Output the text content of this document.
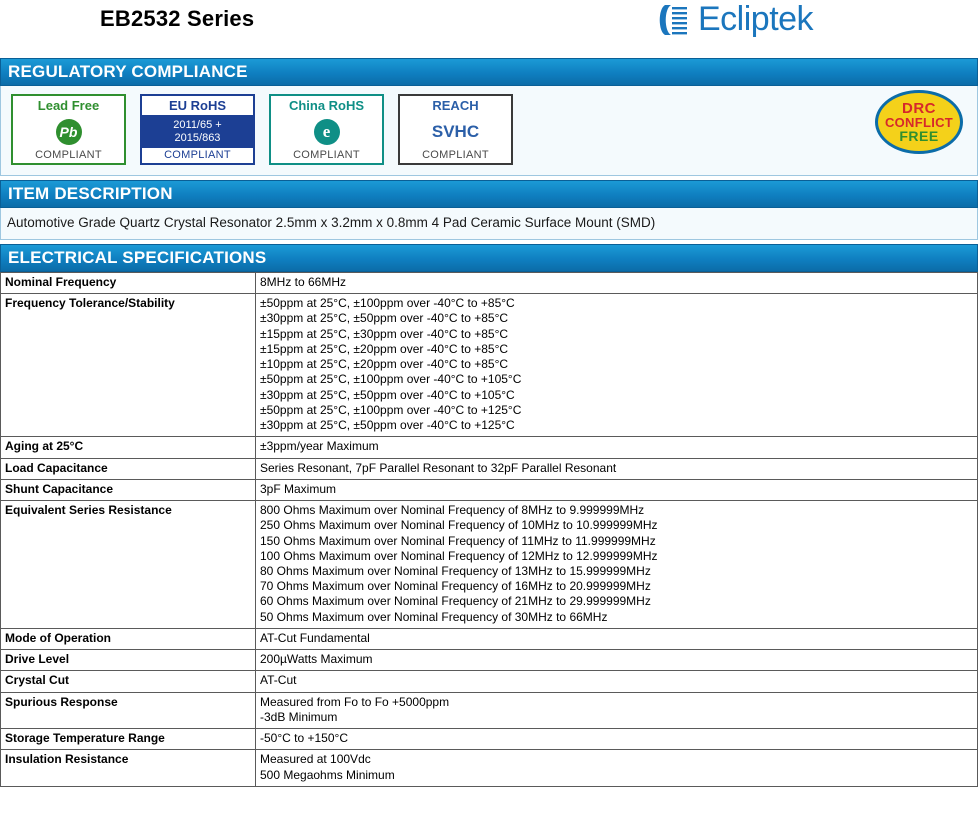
EB2532 Series	Ecliptek
REGULATORY COMPLIANCE
Lead Free
Pb
COMPLIANT
EU RoHS
2011/65 +
2015/863
COMPLIANT
China RoHS
e
COMPLIANT
REACH
SVHC
COMPLIANT
DRC
CONFLICT
FREE
ITEM DESCRIPTION
Automotive Grade Quartz Crystal Resonator 2.5mm x 3.2mm x 0.8mm 4 Pad Ceramic Surface Mount (SMD)
ELECTRICAL SPECIFICATIONS
Nominal Frequency	8MHz to 66MHz

Frequency Tolerance/Stability	±50ppm at 25°C, ±100ppm over -40°C to +85°C
±30ppm at 25°C, ±50ppm over -40°C to +85°C
±15ppm at 25°C, ±30ppm over -40°C to +85°C
±15ppm at 25°C, ±20ppm over -40°C to +85°C
±10ppm at 25°C, ±20ppm over -40°C to +85°C
±50ppm at 25°C, ±100ppm over -40°C to +105°C
±30ppm at 25°C, ±50ppm over -40°C to +105°C
±50ppm at 25°C, ±100ppm over -40°C to +125°C
±30ppm at 25°C, ±50ppm over -40°C to +125°C

Aging at 25°C	±3ppm/year Maximum

Load Capacitance	Series Resonant, 7pF Parallel Resonant to 32pF Parallel Resonant

Shunt Capacitance	3pF Maximum

Equivalent Series Resistance	800 Ohms Maximum over Nominal Frequency of 8MHz to 9.999999MHz
250 Ohms Maximum over Nominal Frequency of 10MHz to 10.999999MHz
150 Ohms Maximum over Nominal Frequency of 11MHz to 11.999999MHz
100 Ohms Maximum over Nominal Frequency of 12MHz to 12.999999MHz
80 Ohms Maximum over Nominal Frequency of 13MHz to 15.999999MHz
70 Ohms Maximum over Nominal Frequency of 16MHz to 20.999999MHz
60 Ohms Maximum over Nominal Frequency of 21MHz to 29.999999MHz
50 Ohms Maximum over Nominal Frequency of 30MHz to 66MHz

Mode of Operation	AT-Cut Fundamental

Drive Level	200µWatts Maximum

Crystal Cut	AT-Cut

Spurious Response	Measured from Fo to Fo +5000ppm
-3dB Minimum

Storage Temperature Range	-50°C to +150°C

Insulation Resistance	Measured at 100Vdc
500 Megaohms Minimum
